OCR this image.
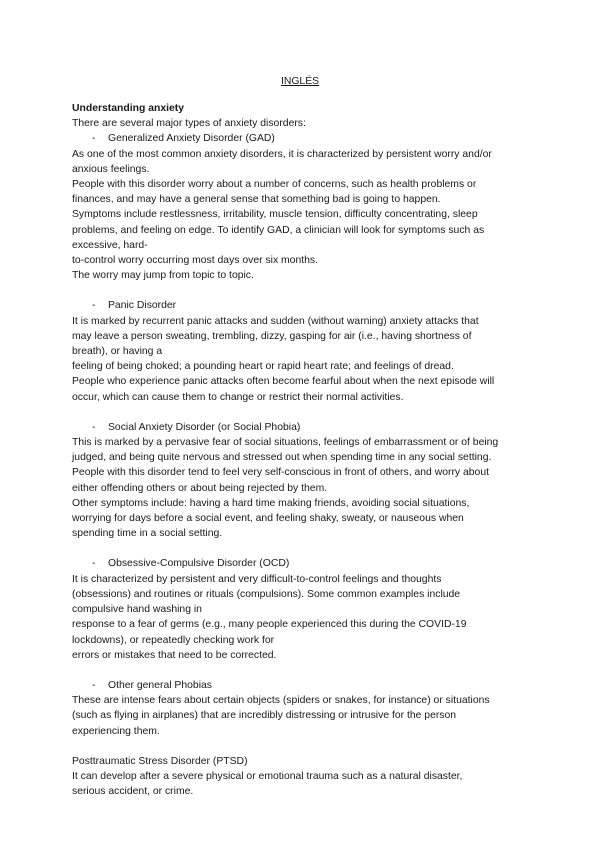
INGLÉS
Understanding anxiety
There are several major types of anxiety disorders:
- Generalized Anxiety Disorder (GAD)
As one of the most common anxiety disorders, it is characterized by persistent worry and/or
anxious feelings.
People with this disorder worry about a number of concerns, such as health problems or
finances, and may have a general sense that something bad is going to happen.
Symptoms include restlessness, irritability, muscle tension, difficulty concentrating, sleep
problems, and feeling on edge. To identify GAD, a clinician will look for symptoms such as
excessive, hard-
to-control worry occurring most days over six months.
The worry may jump from topic to topic.
- Panic Disorder
It is marked by recurrent panic attacks and sudden (without warning) anxiety attacks that
may leave a person sweating, trembling, dizzy, gasping for air (i.e., having shortness of
breath), or having a
feeling of being choked; a pounding heart or rapid heart rate; and feelings of dread.
People who experience panic attacks often become fearful about when the next episode will
occur, which can cause them to change or restrict their normal activities.
- Social Anxiety Disorder (or Social Phobia)
This is marked by a pervasive fear of social situations, feelings of embarrassment or of being
judged, and being quite nervous and stressed out when spending time in any social setting.
People with this disorder tend to feel very self-conscious in front of others, and worry about
either offending others or about being rejected by them.
Other symptoms include: having a hard time making friends, avoiding social situations,
worrying for days before a social event, and feeling shaky, sweaty, or nauseous when
spending time in a social setting.
- Obsessive-Compulsive Disorder (OCD)
It is characterized by persistent and very difficult-to-control feelings and thoughts
(obsessions) and routines or rituals (compulsions). Some common examples include
compulsive hand washing in
response to a fear of germs (e.g., many people experienced this during the COVID-19
lockdowns), or repeatedly checking work for
errors or mistakes that need to be corrected.
- Other general Phobias
These are intense fears about certain objects (spiders or snakes, for instance) or situations
(such as flying in airplanes) that are incredibly distressing or intrusive for the person
experiencing them.
Posttraumatic Stress Disorder (PTSD)
It can develop after a severe physical or emotional trauma such as a natural disaster,
serious accident, or crime.
